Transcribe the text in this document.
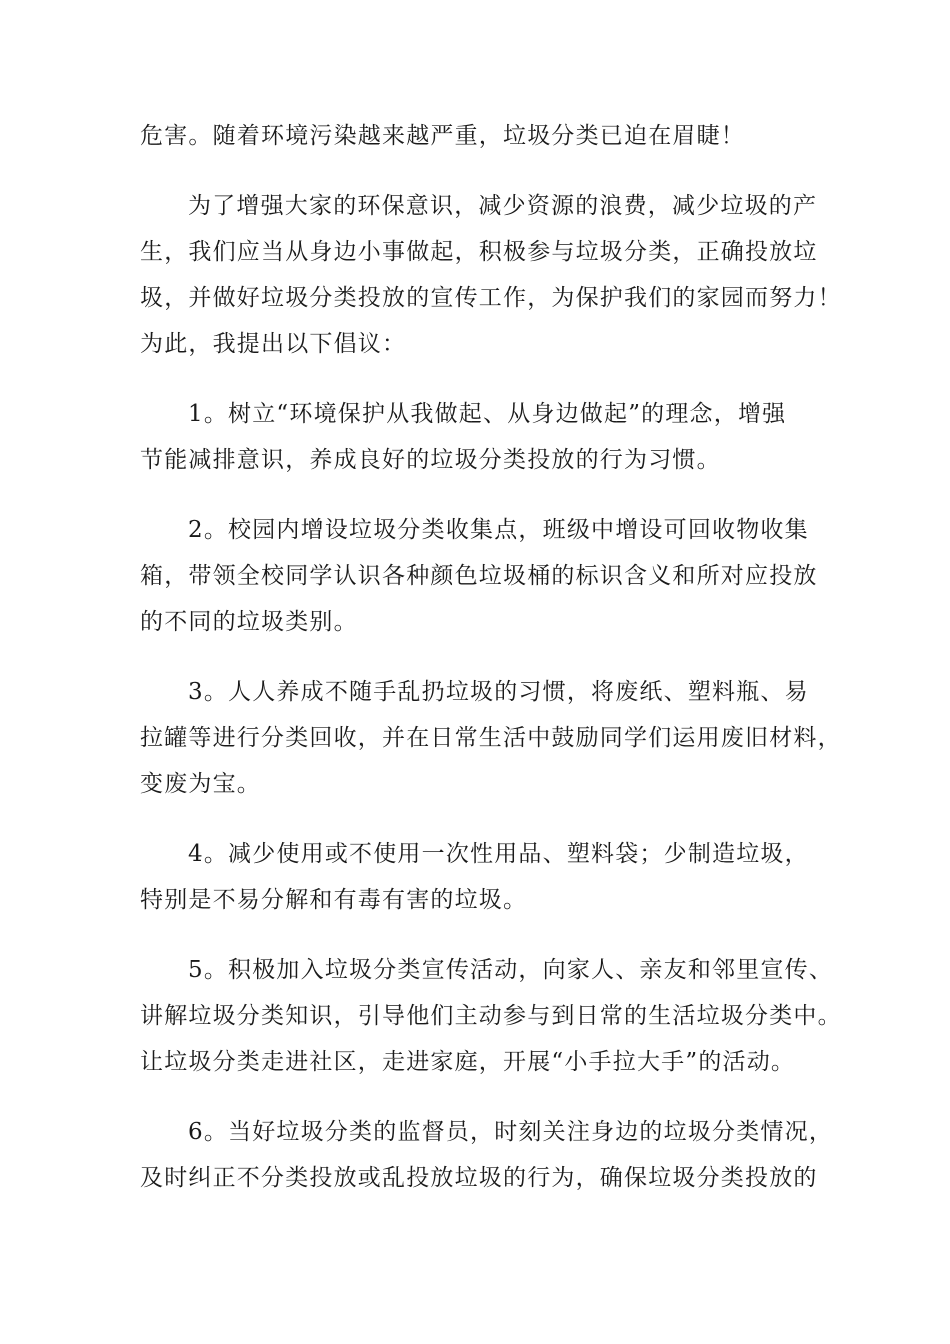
危害。随着环境污染越来越严重，垃圾分类已迫在眉睫！

为了增强大家的环保意识，减少资源的浪费，减少垃圾的产
生，我们应当从身边小事做起，积极参与垃圾分类，正确投放垃
圾，并做好垃圾分类投放的宣传工作，为保护我们的家园而努力！
为此，我提出以下倡议：

1。树立“环境保护从我做起、从身边做起”的理念，增强
节能减排意识，养成良好的垃圾分类投放的行为习惯。

2。校园内增设垃圾分类收集点，班级中增设可回收物收集
箱，带领全校同学认识各种颜色垃圾桶的标识含义和所对应投放
的不同的垃圾类别。

3。人人养成不随手乱扔垃圾的习惯，将废纸、塑料瓶、易
拉罐等进行分类回收，并在日常生活中鼓励同学们运用废旧材料，
变废为宝。

4。减少使用或不使用一次性用品、塑料袋；少制造垃圾，
特别是不易分解和有毒有害的垃圾。

5。积极加入垃圾分类宣传活动，向家人、亲友和邻里宣传、
讲解垃圾分类知识，引导他们主动参与到日常的生活垃圾分类中。
让垃圾分类走进社区，走进家庭，开展“小手拉大手”的活动。

6。当好垃圾分类的监督员，时刻关注身边的垃圾分类情况，
及时纠正不分类投放或乱投放垃圾的行为，确保垃圾分类投放的
